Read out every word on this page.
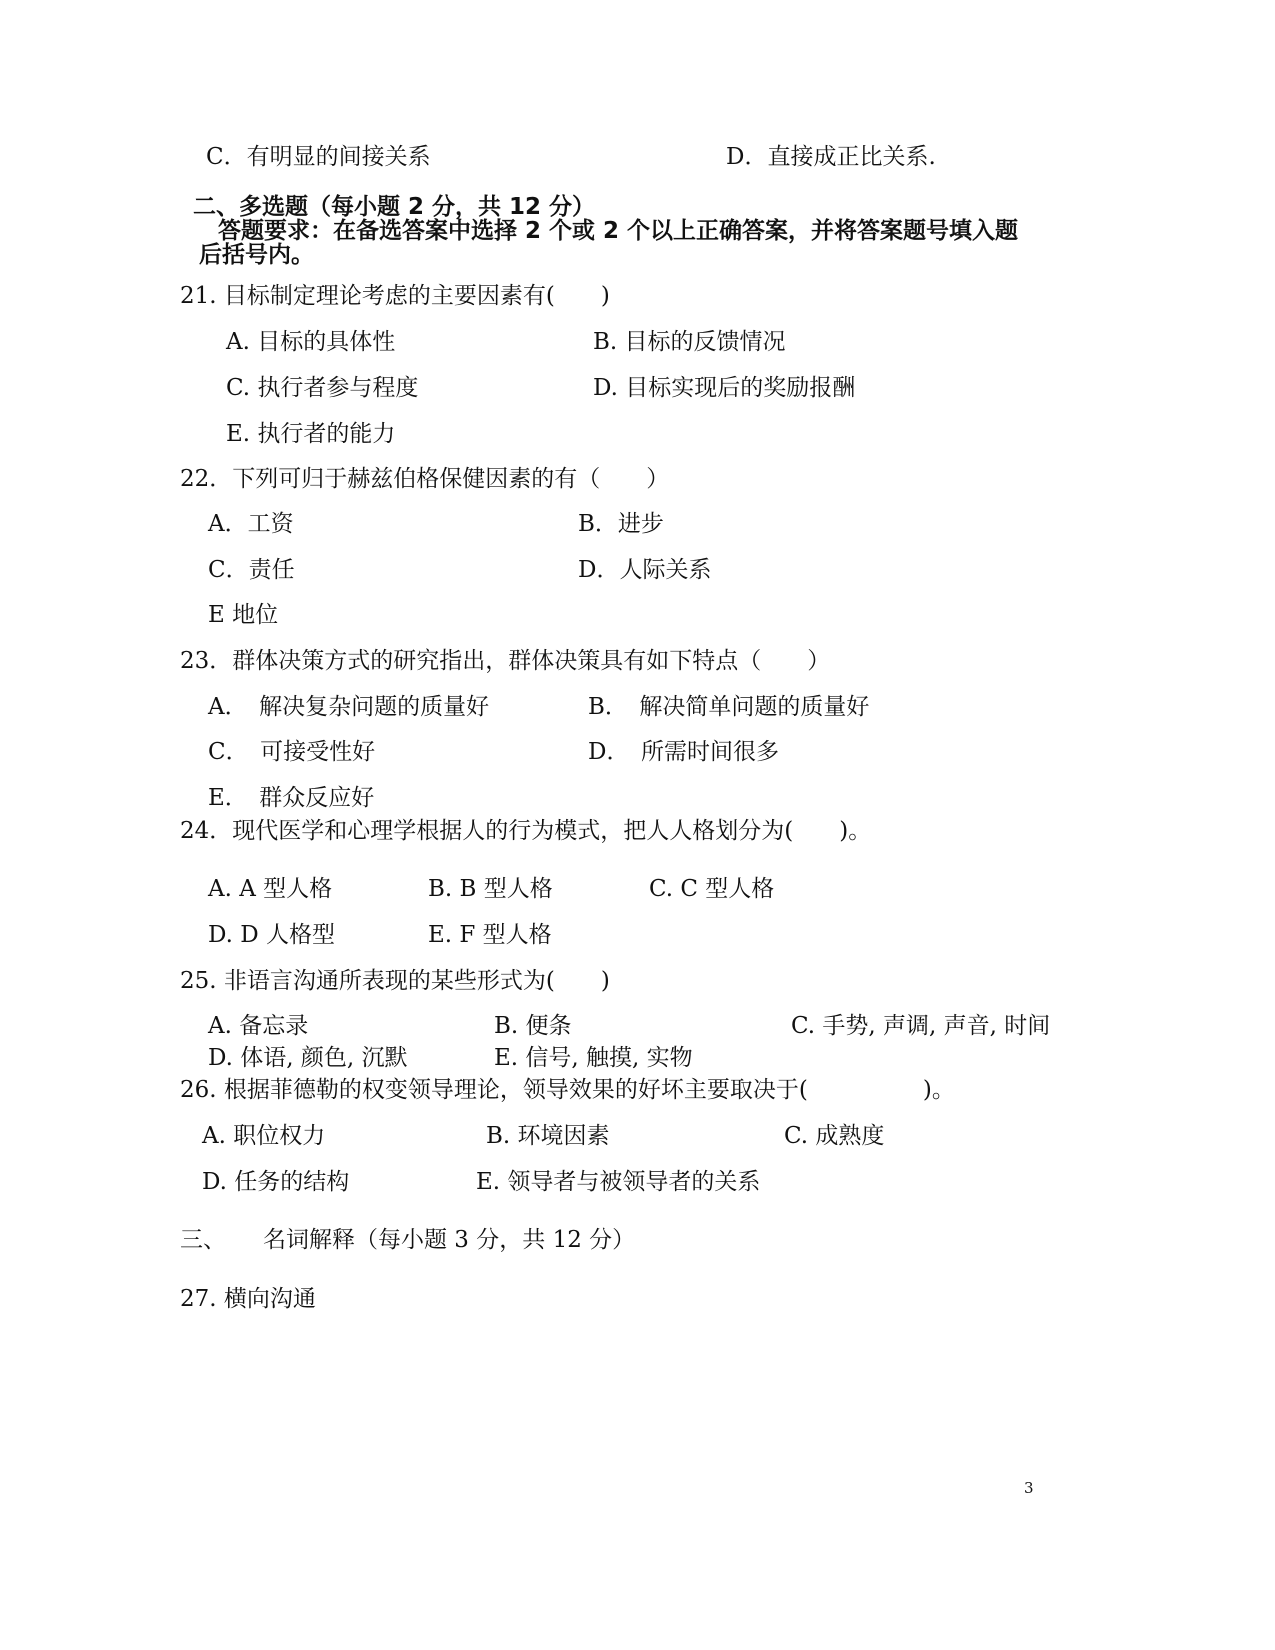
C．有明显的间接关系	D．直接成正比关系.
二、多选题（每小题 2 分，共 12 分）
答题要求：在备选答案中选择 2 个或 2 个以上正确答案，并将答案题号填入题
后括号内。
21. 目标制定理论考虑的主要因素有(　　)
A. 目标的具体性	B. 目标的反馈情况
C. 执行者参与程度	D. 目标实现后的奖励报酬
E. 执行者的能力
22．下列可归于赫兹伯格保健因素的有（　　）
A．工资	B．进步
C．责任	D．人际关系
E 地位
23．群体决策方式的研究指出，群体决策具有如下特点（　　）
A．　解决复杂问题的质量好	B．　解决简单问题的质量好
C．　可接受性好	D．　所需时间很多
E．　群众反应好
24．现代医学和心理学根据人的行为模式，把人人格划分为(　　)。
A. A 型人格	B. B 型人格	C. C 型人格
D. D 人格型	E. F 型人格
25. 非语言沟通所表现的某些形式为(　　)
A. 备忘录	B. 便条	C. 手势, 声调, 声音, 时间
D. 体语, 颜色, 沉默	E. 信号, 触摸, 实物
26. 根据菲德勒的权变领导理论，领导效果的好坏主要取决于(　　　　　)。
A. 职位权力	B. 环境因素	C. 成熟度
D. 任务的结构	E. 领导者与被领导者的关系
三、 名词解释（每小题 3 分，共 12 分）
27. 横向沟通
3
